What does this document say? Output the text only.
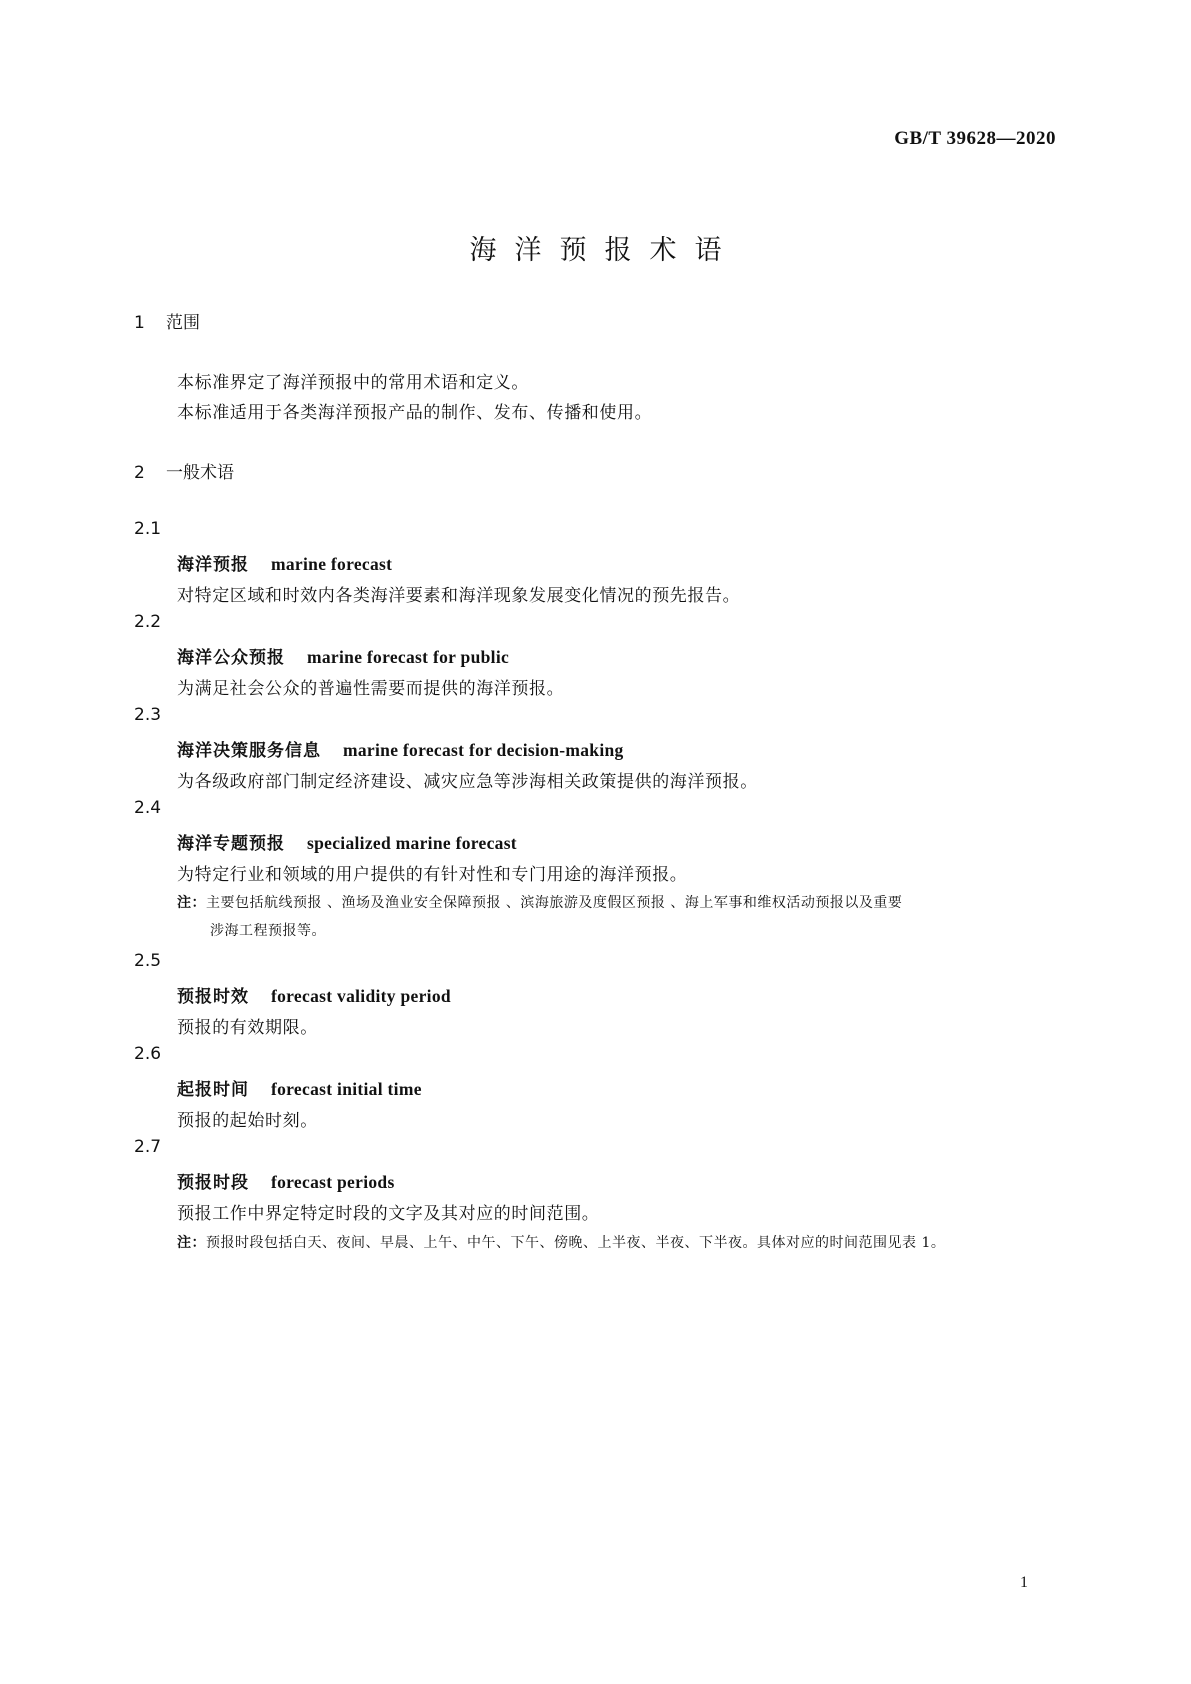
GB/T 39628—2020
海洋预报术语
1 范围
本标准界定了海洋预报中的常用术语和定义。
本标准适用于各类海洋预报产品的制作、发布、传播和使用。
2 一般术语
2.1
海洋预报 marine forecast
对特定区域和时效内各类海洋要素和海洋现象发展变化情况的预先报告。
2.2
海洋公众预报 marine forecast for public
为满足社会公众的普遍性需要而提供的海洋预报。
2.3
海洋决策服务信息 marine forecast for decision-making
为各级政府部门制定经济建设、减灾应急等涉海相关政策提供的海洋预报。
2.4
海洋专题预报 specialized marine forecast
为特定行业和领域的用户提供的有针对性和专门用途的海洋预报。
注：主要包括航线预报 、渔场及渔业安全保障预报 、滨海旅游及度假区预报 、海上军事和维权活动预报以及重要
涉海工程预报等。
2.5
预报时效 forecast validity period
预报的有效期限。
2.6
起报时间 forecast initial time
预报的起始时刻。
2.7
预报时段 forecast periods
预报工作中界定特定时段的文字及其对应的时间范围。
注：预报时段包括白天、夜间、早晨、上午、中午、下午、傍晚、上半夜、半夜、下半夜。具体对应的时间范围见表 1。
1
